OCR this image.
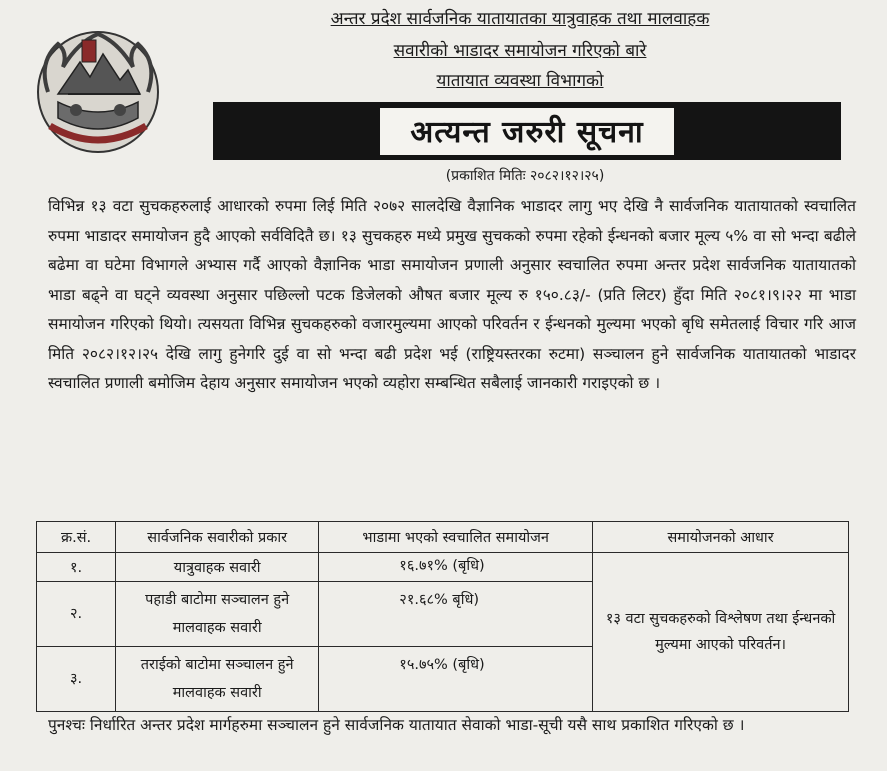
अन्तर प्रदेश सार्वजनिक यातायातका यात्रुवाहक तथा मालवाहक
सवारीको भाडादर समायोजन गरिएको बारे
यातायात व्यवस्था विभागको
अत्यन्त जरुरी सूचना
(प्रकाशित मितिः २०८२।१२।२५)
विभिन्न १३ वटा सुचकहरुलाई आधारको रुपमा लिई मिति २०७२ सालदेखि वैज्ञानिक भाडादर लागु भए देखि नै सार्वजनिक यातायातको स्वचालित रुपमा भाडादर समायोजन हुदै आएको सर्वविदितै छ। १३ सुचकहरु मध्ये प्रमुख सुचकको रुपमा रहेको ईन्धनको बजार मूल्य ५% वा सो भन्दा बढीले बढेमा वा घटेमा विभागले अभ्यास गर्दै आएको वैज्ञानिक भाडा समायोजन प्रणाली अनुसार स्वचालित रुपमा अन्तर प्रदेश सार्वजनिक यातायातको भाडा बढ्ने वा घट्ने व्यवस्था अनुसार पछिल्लो पटक डिजेलको औषत बजार मूल्य रु १५०.८३/- (प्रति लिटर) हुँदा मिति २०८१।९।२२ मा भाडा समायोजन गरिएको थियो। त्यसयता विभिन्न सुचकहरुको वजारमुल्यमा आएको परिवर्तन र ईन्धनको मुल्यमा भएको बृधि समेतलाई विचार गरि आज मिति २०८२।१२।२५ देखि लागु हुनेगरि दुई वा सो भन्दा बढी प्रदेश भई (राष्ट्रियस्तरका रुटमा) सञ्चालन हुने सार्वजनिक यातायातको भाडादर स्वचालित प्रणाली बमोजिम देहाय अनुसार समायोजन भएको व्यहोरा सम्बन्धित सबैलाई जानकारी गराइएको छ ।
क्र.सं.	सार्वजनिक सवारीको प्रकार	भाडामा भएको स्वचालित समायोजन	समायोजनको आधार
१.	यात्रुवाहक सवारी	१६.७१% (बृधि)	१३ वटा सुचकहरुको विश्लेषण तथा ईन्धनको मुल्यमा आएको परिवर्तन।
२.	पहाडी बाटोमा सञ्चालन हुने मालवाहक सवारी	२१.६८% बृधि)	
३.	तराईको बाटोमा सञ्चालन हुने मालवाहक सवारी	१५.७५% (बृधि)	
पुनश्चः निर्धारित अन्तर प्रदेश मार्गहरुमा सञ्चालन हुने सार्वजनिक यातायात सेवाको भाडा-सूची यसै साथ प्रकाशित गरिएको छ ।
